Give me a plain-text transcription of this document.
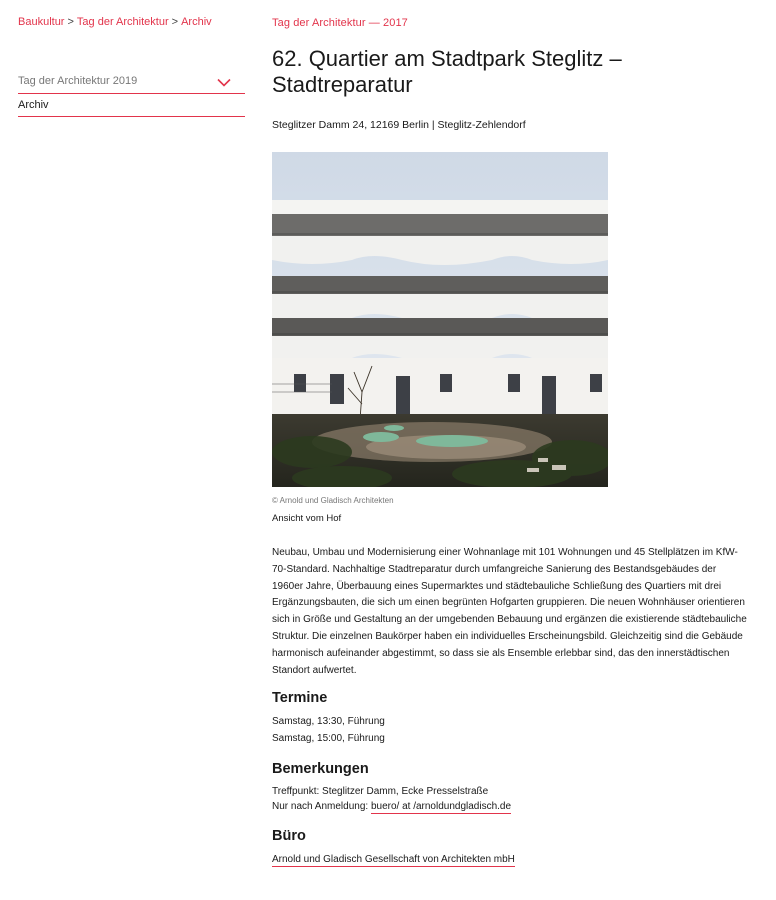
Baukultur > Tag der Architektur > Archiv
Tag der Architektur 2019
Archiv
Tag der Architektur — 2017
62. Quartier am Stadtpark Steglitz – Stadtreparatur
Steglitzer Damm 24, 12169 Berlin | Steglitz-Zehlendorf
© Arnold und Gladisch Architekten
Ansicht vom Hof

Neubau, Umbau und Modernisierung einer Wohnanlage mit 101 Wohnungen und 45 Stellplätzen im KfW-70-Standard. Nachhaltige Stadtreparatur durch umfangreiche Sanierung des Bestandsgebäudes der 1960er Jahre, Überbauung eines Supermarktes und städtebauliche Schließung des Quartiers mit drei Ergänzungsbauten, die sich um einen begrünten Hofgarten gruppieren. Die neuen Wohnhäuser orientieren sich in Größe und Gestaltung an der umgebenden Bebauung und ergänzen die existierende städtebauliche Struktur. Die einzelnen Baukörper haben ein individuelles Erscheinungsbild. Gleichzeitig sind die Gebäude harmonisch aufeinander abgestimmt, so dass sie als Ensemble erlebbar sind, das den innerstädtischen Standort aufwertet.

Termine
Samstag, 13:30, Führung
Samstag, 15:00, Führung
Bemerkungen
Treffpunkt: Steglitzer Damm, Ecke Presselstraße
Nur nach Anmeldung: buero/ at /arnoldundgladisch.de
Büro
Arnold und Gladisch Gesellschaft von Architekten mbH
